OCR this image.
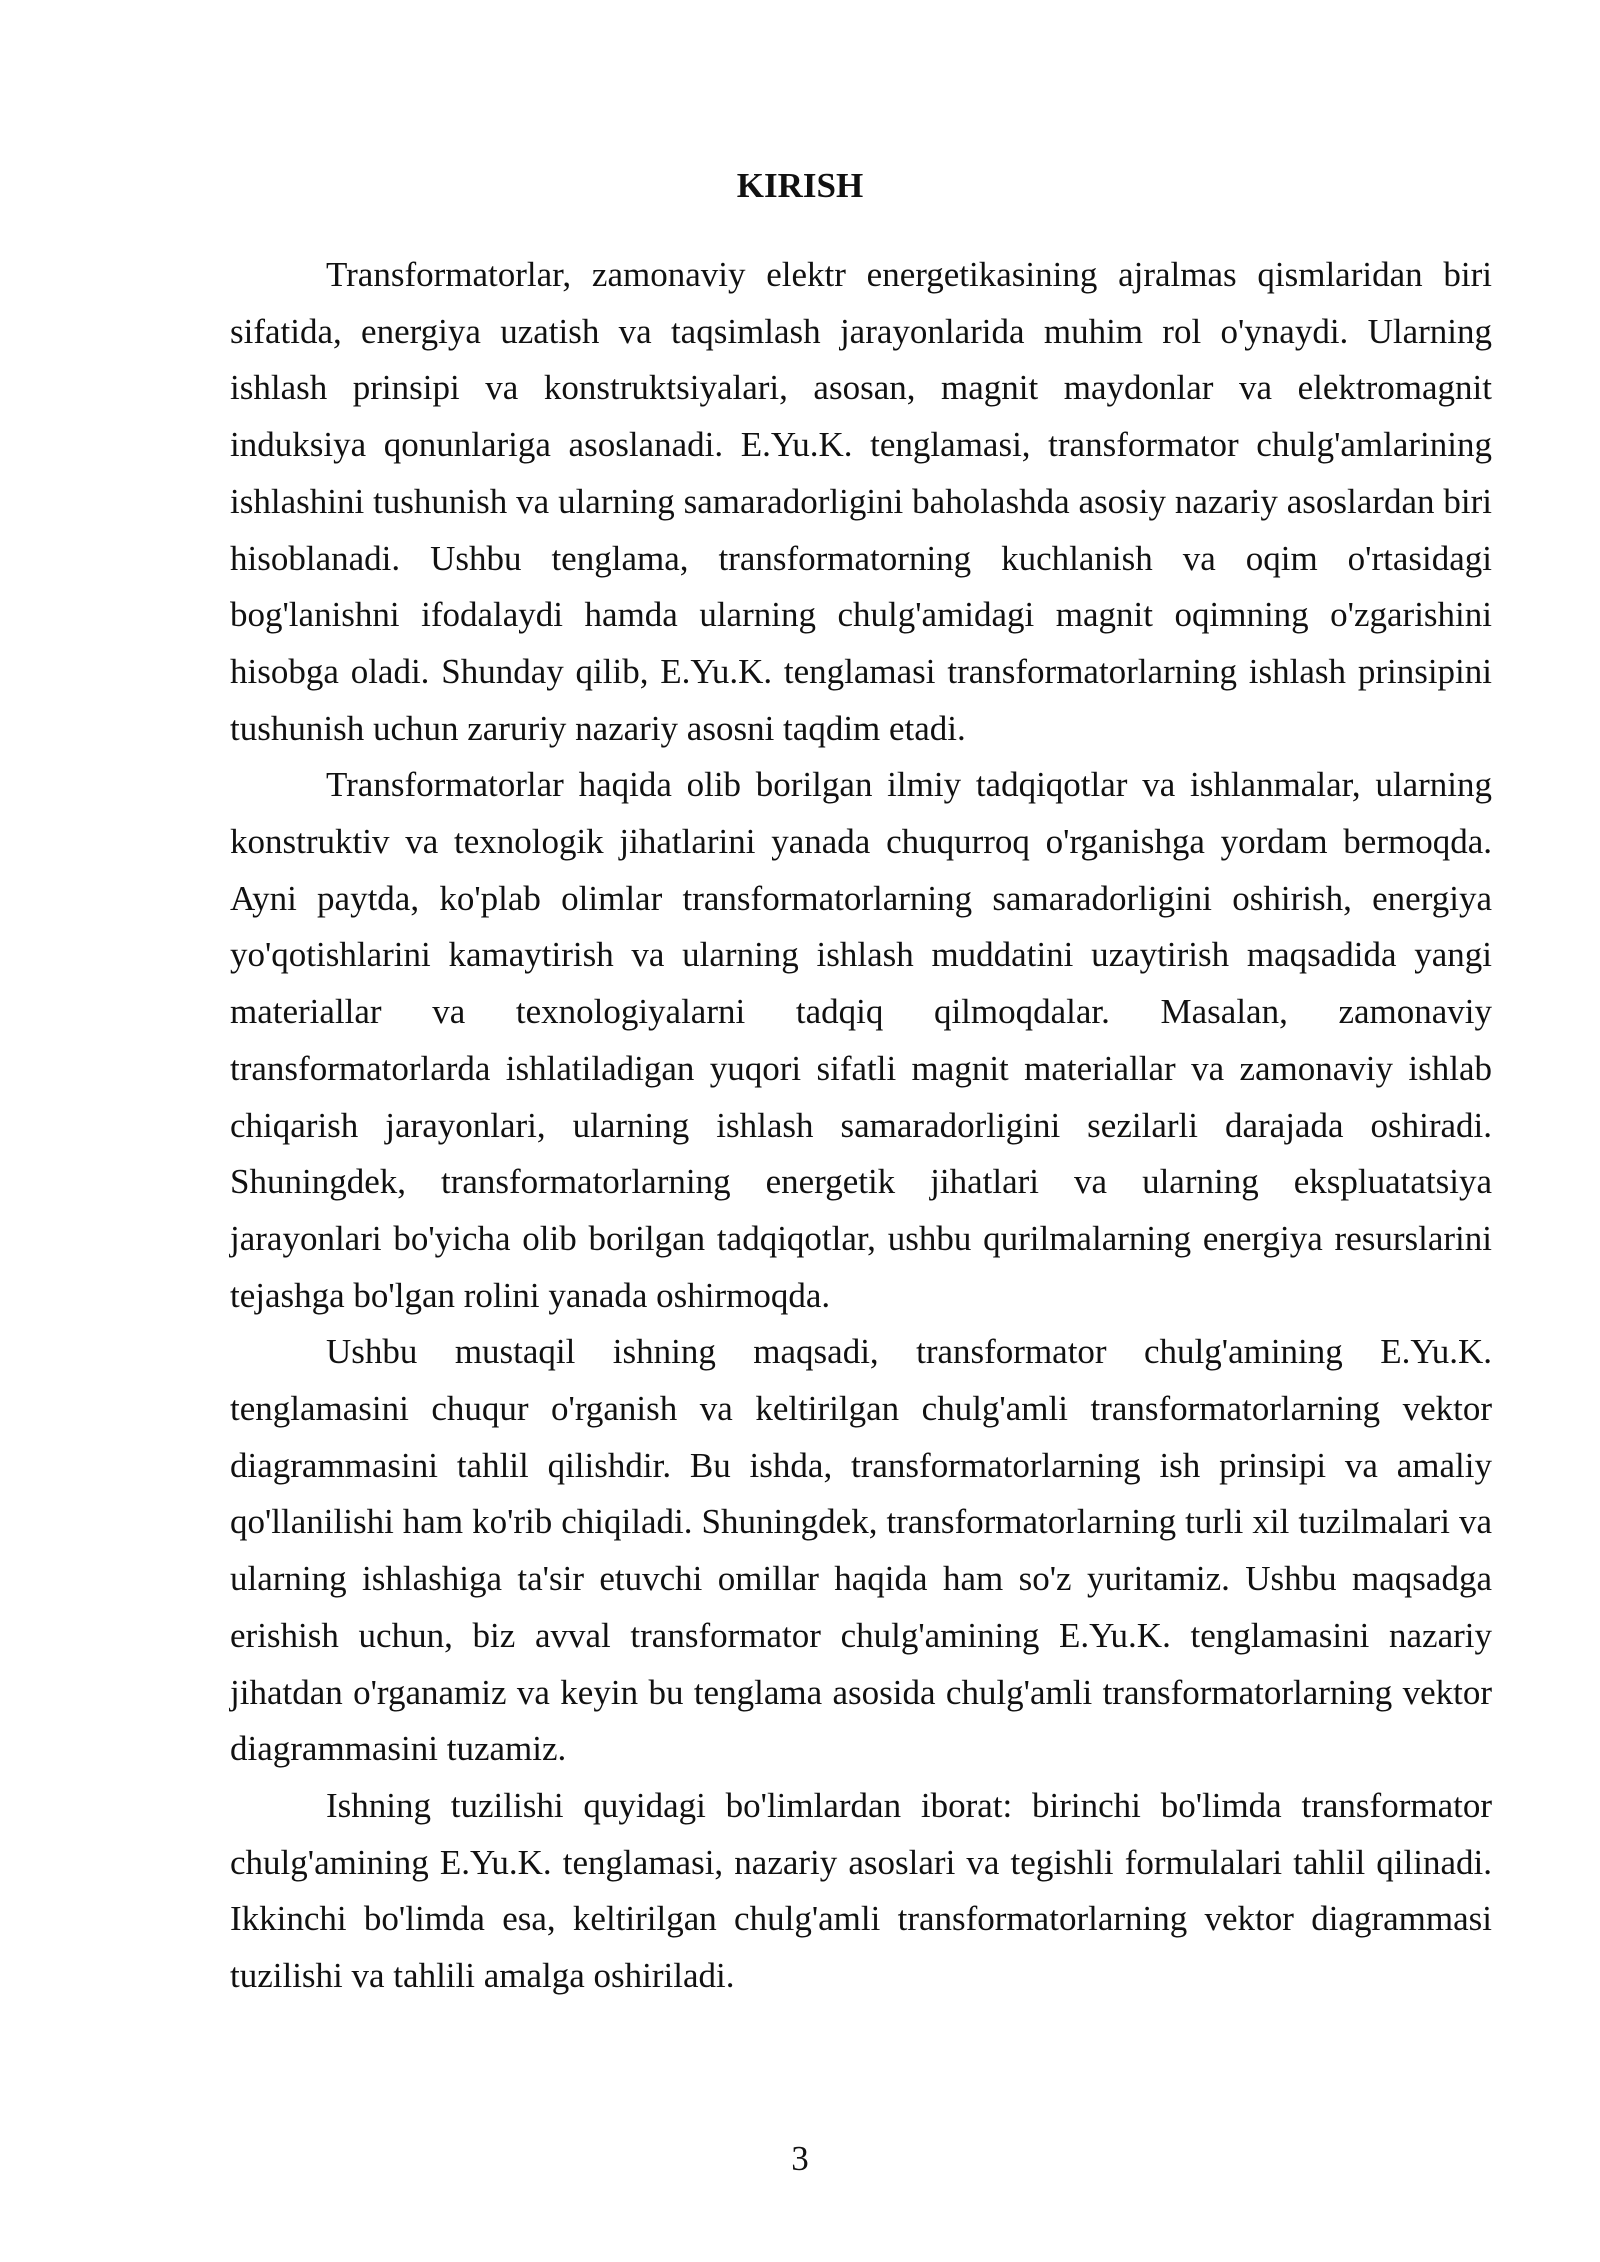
KIRISH

Transformatorlar, zamonaviy elektr energetikasining ajralmas qismlaridan biri sifatida, energiya uzatish va taqsimlash jarayonlarida muhim rol o'ynaydi. Ularning ishlash prinsipi va konstruktsiyalari, asosan, magnit maydonlar va elektromagnit induksiya qonunlariga asoslanadi. E.Yu.K. tenglamasi, transformator chulg'amlarining ishlashini tushunish va ularning samaradorligini baholashda asosiy nazariy asoslardan biri hisoblanadi. Ushbu tenglama, transformatorning kuchlanish va oqim o'rtasidagi bog'lanishni ifodalaydi hamda ularning chulg'amidagi magnit oqimning o'zgarishini hisobga oladi. Shunday qilib, E.Yu.K. tenglamasi transformatorlarning ishlash prinsipini tushunish uchun zaruriy nazariy asosni taqdim etadi.

Transformatorlar haqida olib borilgan ilmiy tadqiqotlar va ishlanmalar, ularning konstruktiv va texnologik jihatlarini yanada chuqurroq o'rganishga yordam bermoqda. Ayni paytda, ko'plab olimlar transformatorlarning samaradorligini oshirish, energiya yo'qotishlarini kamaytirish va ularning ishlash muddatini uzaytirish maqsadida yangi materiallar va texnologiyalarni tadqiq qilmoqdalar. Masalan, zamonaviy transformatorlarda ishlatiladigan yuqori sifatli magnit materiallar va zamonaviy ishlab chiqarish jarayonlari, ularning ishlash samaradorligini sezilarli darajada oshiradi. Shuningdek, transformatorlarning energetik jihatlari va ularning ekspluatatsiya jarayonlari bo'yicha olib borilgan tadqiqotlar, ushbu qurilmalarning energiya resurslarini tejashga bo'lgan rolini yanada oshirmoqda.

Ushbu mustaqil ishning maqsadi, transformator chulg'amining E.Yu.K. tenglamasini chuqur o'rganish va keltirilgan chulg'amli transformatorlarning vektor diagrammasini tahlil qilishdir. Bu ishda, transformatorlarning ish prinsipi va amaliy qo'llanilishi ham ko'rib chiqiladi. Shuningdek, transformatorlarning turli xil tuzilmalari va ularning ishlashiga ta'sir etuvchi omillar haqida ham so'z yuritamiz. Ushbu maqsadga erishish uchun, biz avval transformator chulg'amining E.Yu.K. tenglamasini nazariy jihatdan o'rganamiz va keyin bu tenglama asosida chulg'amli transformatorlarning vektor diagrammasini tuzamiz.

Ishning tuzilishi quyidagi bo'limlardan iborat: birinchi bo'limda transformator chulg'amining E.Yu.K. tenglamasi, nazariy asoslari va tegishli formulalari tahlil qilinadi. Ikkinchi bo'limda esa, keltirilgan chulg'amli transformatorlarning vektor diagrammasi tuzilishi va tahlili amalga oshiriladi.

3
